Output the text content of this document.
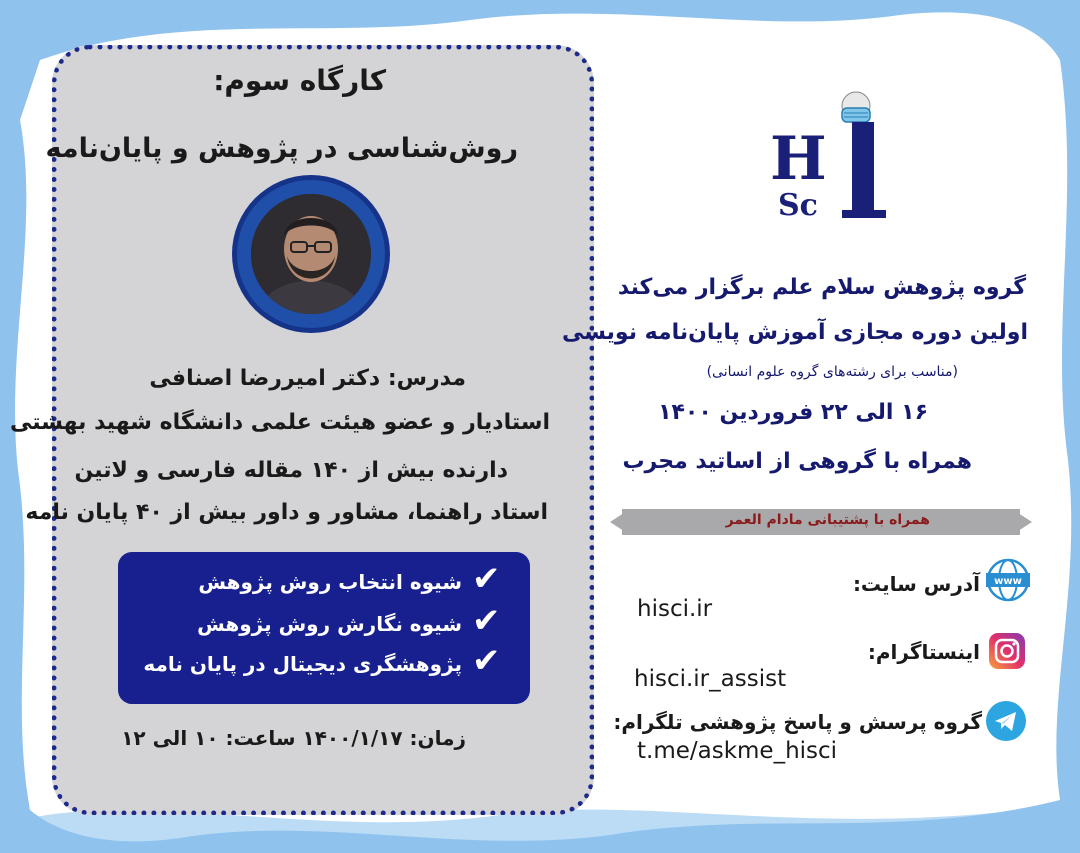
کارگاه سوم:
روش‌شناسی در پژوهش و پایان‌نامه
مدرس: دکتر امیررضا اصنافی
استادیار و عضو هیئت علمی دانشگاه شهید بهشتی
دارنده بیش از ۱۴۰ مقاله فارسی و لاتین
استاد راهنما، مشاور و داور بیش از ۴۰ پایان نامه
✔
✔
✔
شیوه انتخاب روش پژوهش
شیوه نگارش روش پژوهش
پژوهشگری دیجیتال در پایان نامه
زمان: ۱۴۰۰/۱/۱۷ ساعت: ۱۰ الی ۱۲
H
Sc
گروه پژوهش سلام علم برگزار می‌کند
اولین دوره مجازی آموزش پایان‌نامه نویسی
(مناسب برای رشته‌های گروه علوم انسانی)
۱۶ الی ۲۲ فروردین ۱۴۰۰
همراه با گروهی از اساتید مجرب
همراه با پشتیبانی مادام العمر
www
آدرس سایت:
hisci.ir
اینستاگرام:
hisci.ir_assist
گروه پرسش و پاسخ پژوهشی تلگرام:
t.me/askme_hisci
